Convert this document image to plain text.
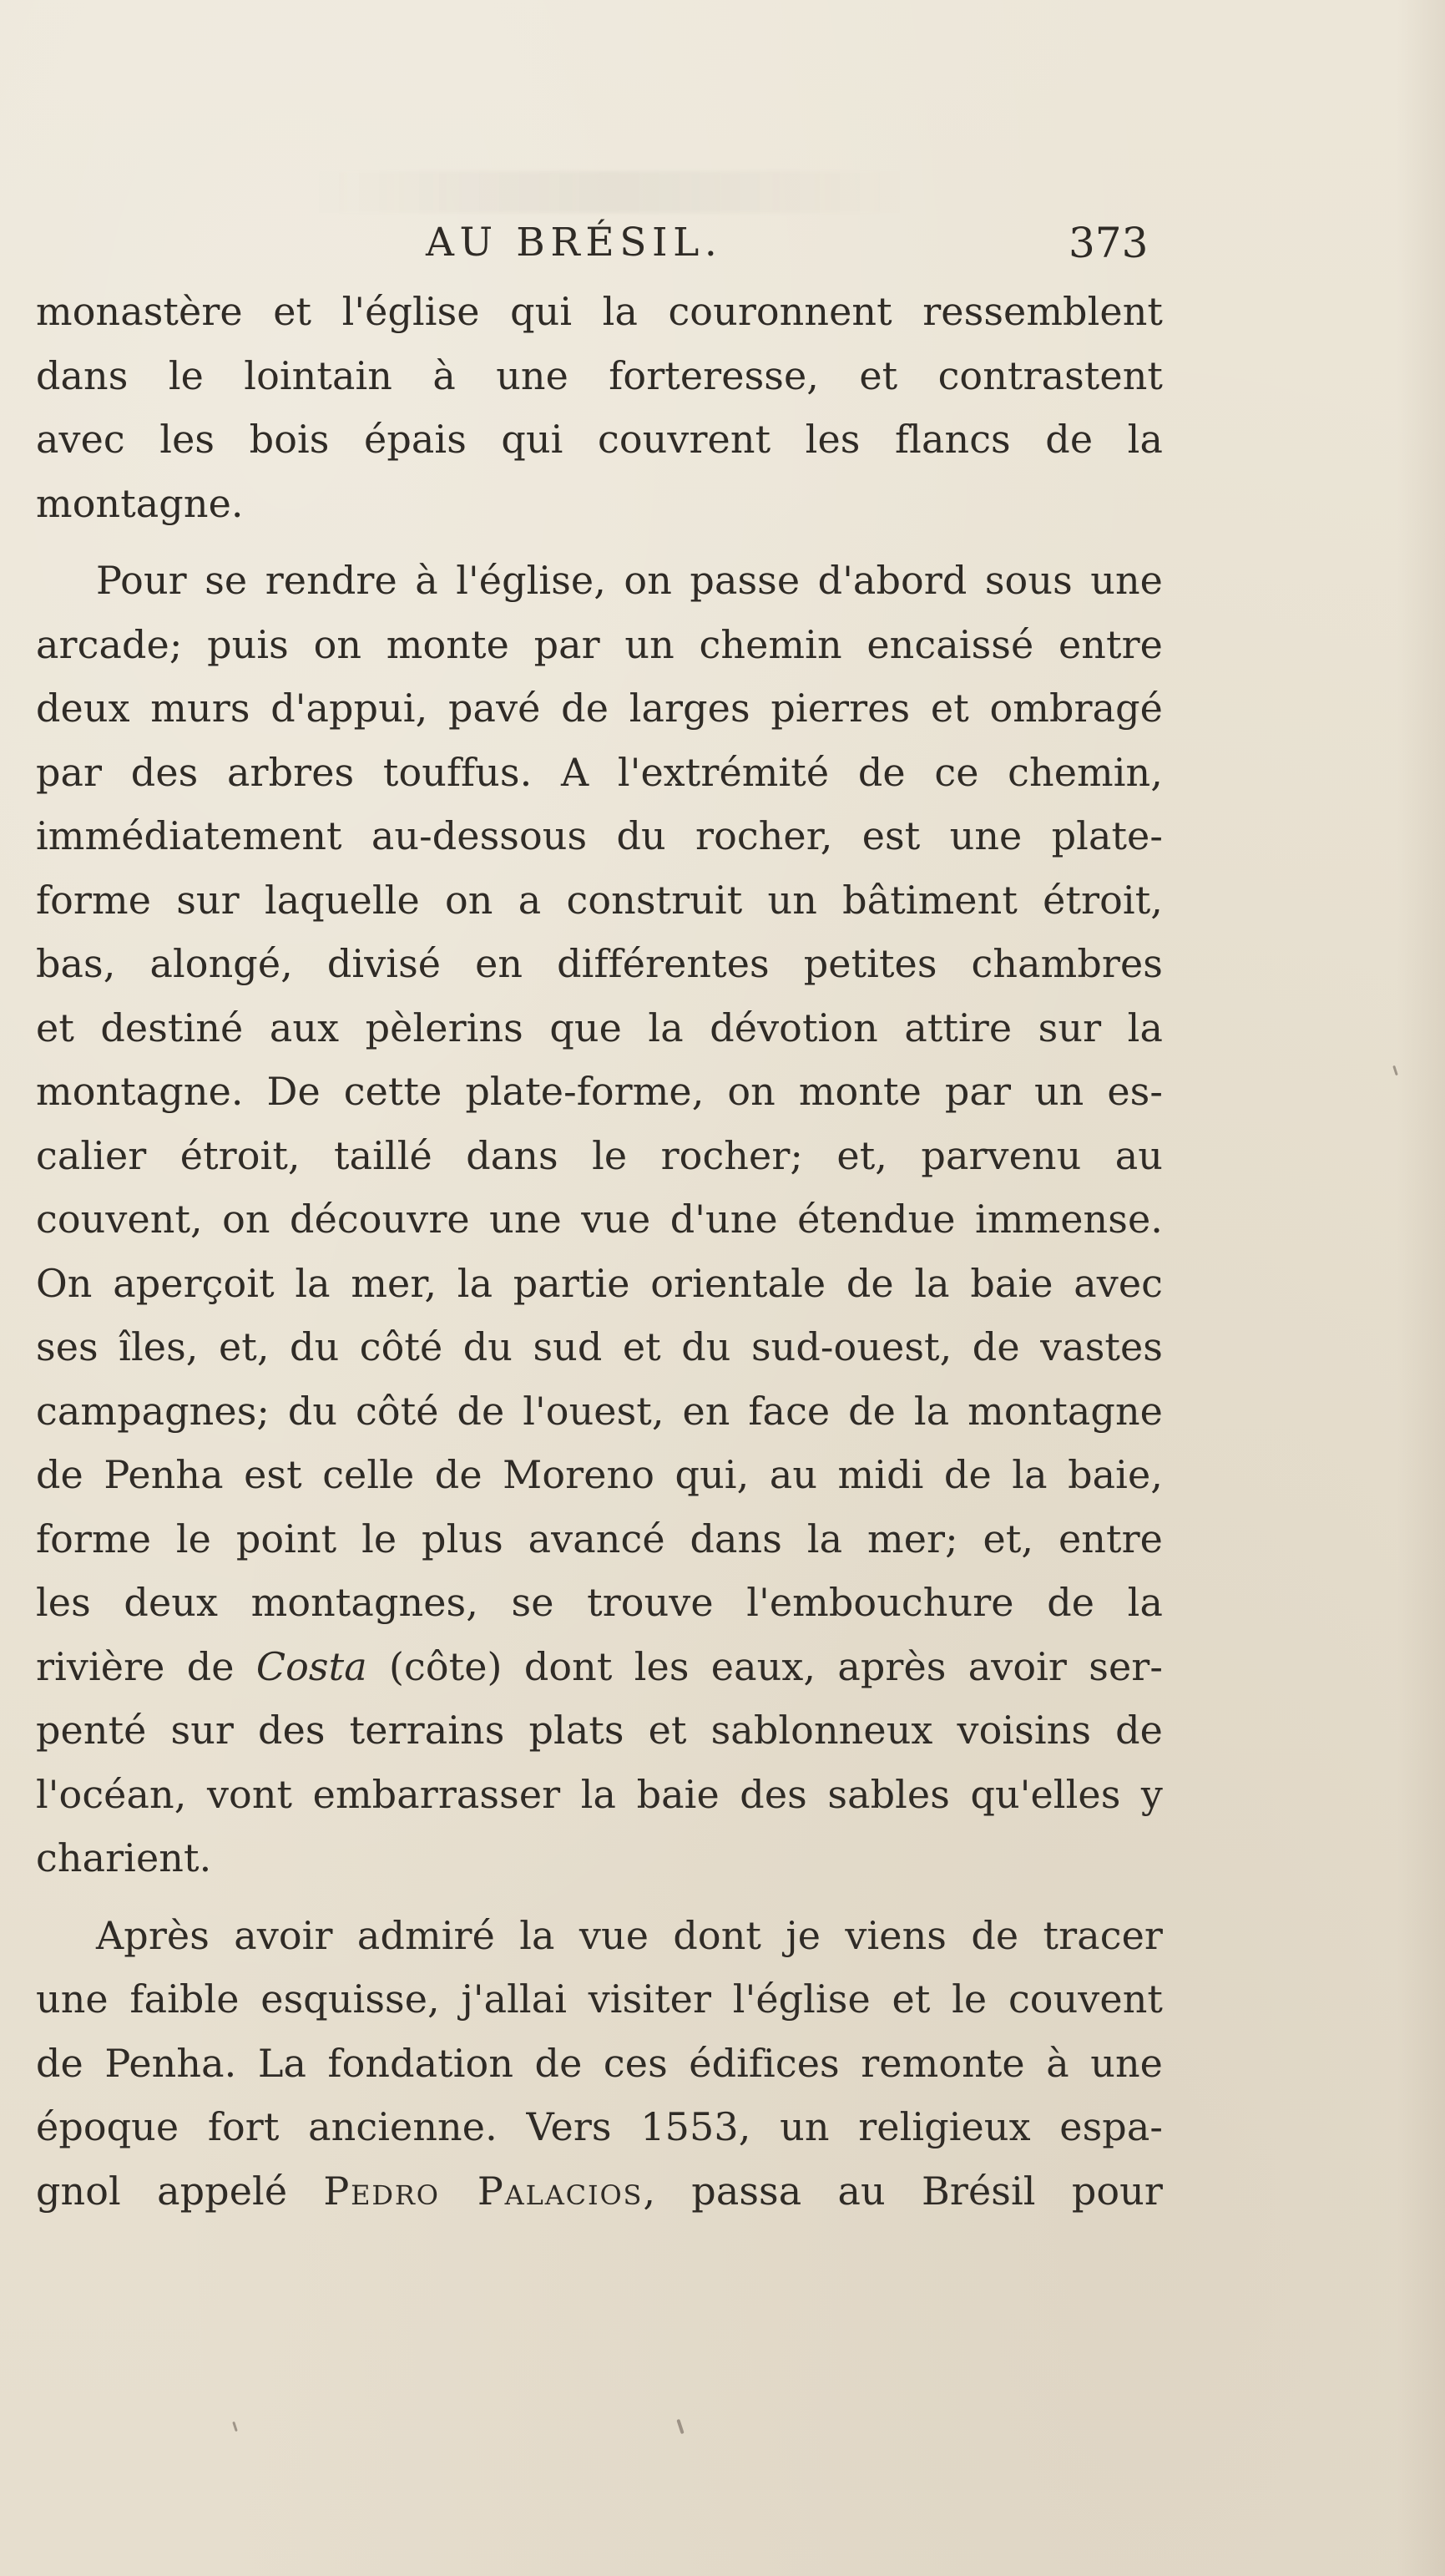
AU BRÉSIL.	373
monastère et l'église qui la couronnent ressemblent
dans le lointain à une forteresse, et contrastent
avec les bois épais qui couvrent les flancs de la
montagne.
Pour se rendre à l'église, on passe d'abord sous une
arcade; puis on monte par un chemin encaissé entre
deux murs d'appui, pavé de larges pierres et ombragé
par des arbres touffus. A l'extrémité de ce chemin,
immédiatement au-dessous du rocher, est une plate-
forme sur laquelle on a construit un bâtiment étroit,
bas, alongé, divisé en différentes petites chambres
et destiné aux pèlerins que la dévotion attire sur la
montagne. De cette plate-forme, on monte par un es-
calier étroit, taillé dans le rocher; et, parvenu au
couvent, on découvre une vue d'une étendue immense.
On aperçoit la mer, la partie orientale de la baie avec
ses îles, et, du côté du sud et du sud-ouest, de vastes
campagnes; du côté de l'ouest, en face de la montagne
de Penha est celle de Moreno qui, au midi de la baie,
forme le point le plus avancé dans la mer; et, entre
les deux montagnes, se trouve l'embouchure de la
rivière de Costa (côte) dont les eaux, après avoir ser-
penté sur des terrains plats et sablonneux voisins de
l'océan, vont embarrasser la baie des sables qu'elles y
charient.
Après avoir admiré la vue dont je viens de tracer
une faible esquisse, j'allai visiter l'église et le couvent
de Penha. La fondation de ces édifices remonte à une
époque fort ancienne. Vers 1553, un religieux espa-
gnol appelé Pedro Palacios, passa au Brésil pour
